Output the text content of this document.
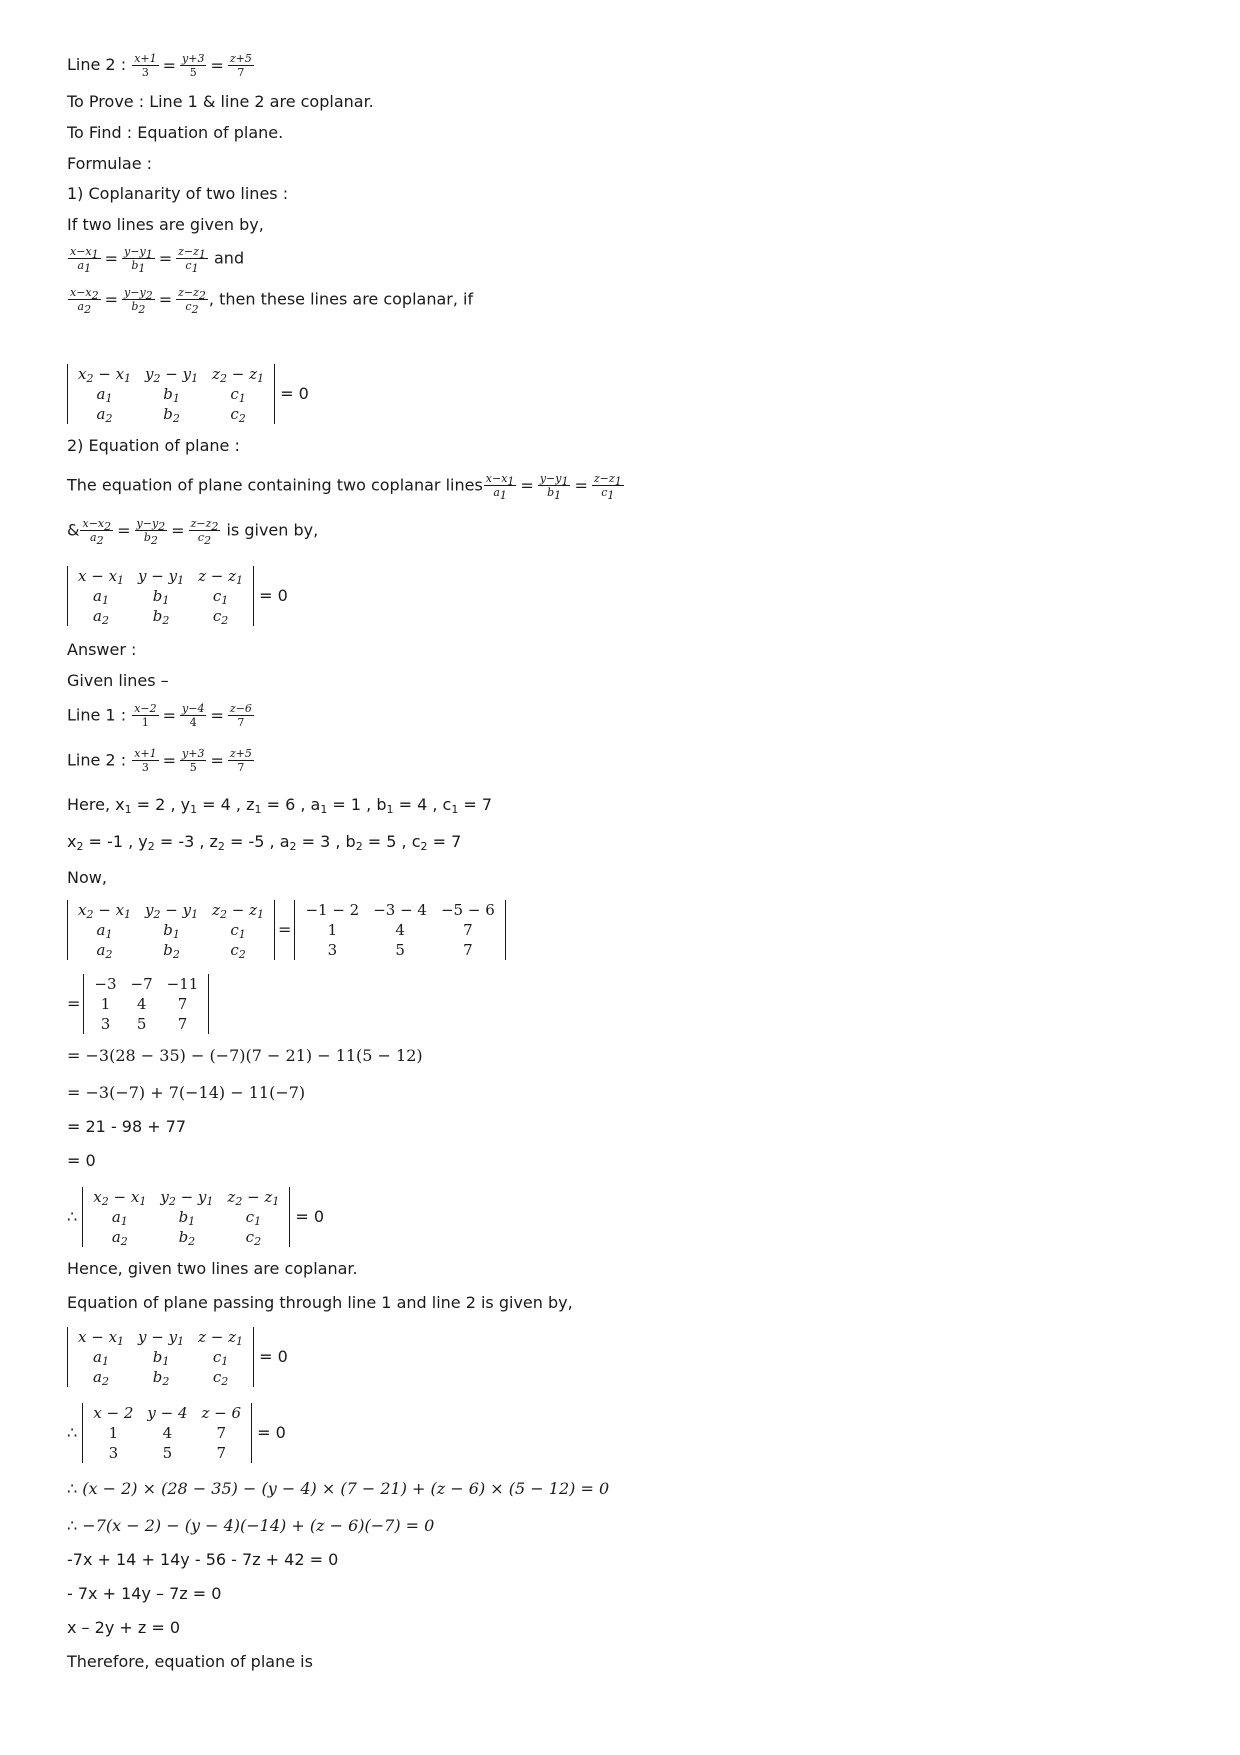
Line 2 : $\frac{x+1}{3} = \frac{y+3}{5} = \frac{z+5}{7}$
To Prove : Line 1 & line 2 are coplanar.
To Find : Equation of plane.
Formulae :
1) Coplanarity of two lines :
If two lines are given by,
$\frac{x-x_1}{a_1} = \frac{y-y_1}{b_1} = \frac{z-z_1}{c_1}$ and
$\frac{x-x_2}{a_2} = \frac{y-y_2}{b_2} = \frac{z-z_2}{c_2}$ , then these lines are coplanar, if
$x_2 - x_1$	$y_2 - y_1$	$z_2 - z_1$
$a_1$	$b_1$	$c_1$
$a_2$	$b_2$	$c_2$
= 0
2) Equation of plane :
The equation of plane containing two coplanar lines $\frac{x-x_1}{a_1} = \frac{y-y_1}{b_1} = \frac{z-z_1}{c_1}$
& $\frac{x-x_2}{a_2} = \frac{y-y_2}{b_2} = \frac{z-z_2}{c_2}$ is given by,
$x - x_1$	$y - y_1$	$z - z_1$
$a_1$	$b_1$	$c_1$
$a_2$	$b_2$	$c_2$
= 0
Answer :
Given lines –
Line 1 : $\frac{x-2}{1} = \frac{y-4}{4} = \frac{z-6}{7}$
Line 2 : $\frac{x+1}{3} = \frac{y+3}{5} = \frac{z+5}{7}$
Here, $x_1 = 2$ , $y_1 = 4$ , $z_1 = 6$ , $a_1 = 1$ , $b_1 = 4$ , $c_1 = 7$
$x_2 = -1$ , $y_2 = -3$ , $z_2 = -5$ , $a_2 = 3$ , $b_2 = 5$ , $c_2 = 7$
Now,
$x_2 - x_1$	$y_2 - y_1$	$z_2 - z_1$
$a_1$	$b_1$	$c_1$
$a_2$	$b_2$	$c_2$
=
−1 − 2	−3 − 4	−5 − 6
1	4	7
3	5	7
=
−3	−7	−11
1	4	7
3	5	7
= −3(28 − 35) − (−7)(7 − 21) − 11(5 − 12)
= −3(−7) + 7(−14) − 11(−7)
= 21 - 98 + 77
= 0
∴
$x_2 - x_1$	$y_2 - y_1$	$z_2 - z_1$
$a_1$	$b_1$	$c_1$
$a_2$	$b_2$	$c_2$
= 0
Hence, given two lines are coplanar.
Equation of plane passing through line 1 and line 2 is given by,
$x - x_1$	$y - y_1$	$z - z_1$
$a_1$	$b_1$	$c_1$
$a_2$	$b_2$	$c_2$
= 0
∴
x − 2	y − 4	z − 6
1	4	7
3	5	7
= 0
∴ (x − 2) × (28 − 35) − (y − 4) × (7 − 21) + (z − 6) × (5 − 12) = 0
∴ −7(x − 2) − (y − 4)(−14) + (z − 6)(−7) = 0
-7x + 14 + 14y - 56 - 7z + 42 = 0
- 7x + 14y – 7z = 0
x – 2y + z = 0
Therefore, equation of plane is
